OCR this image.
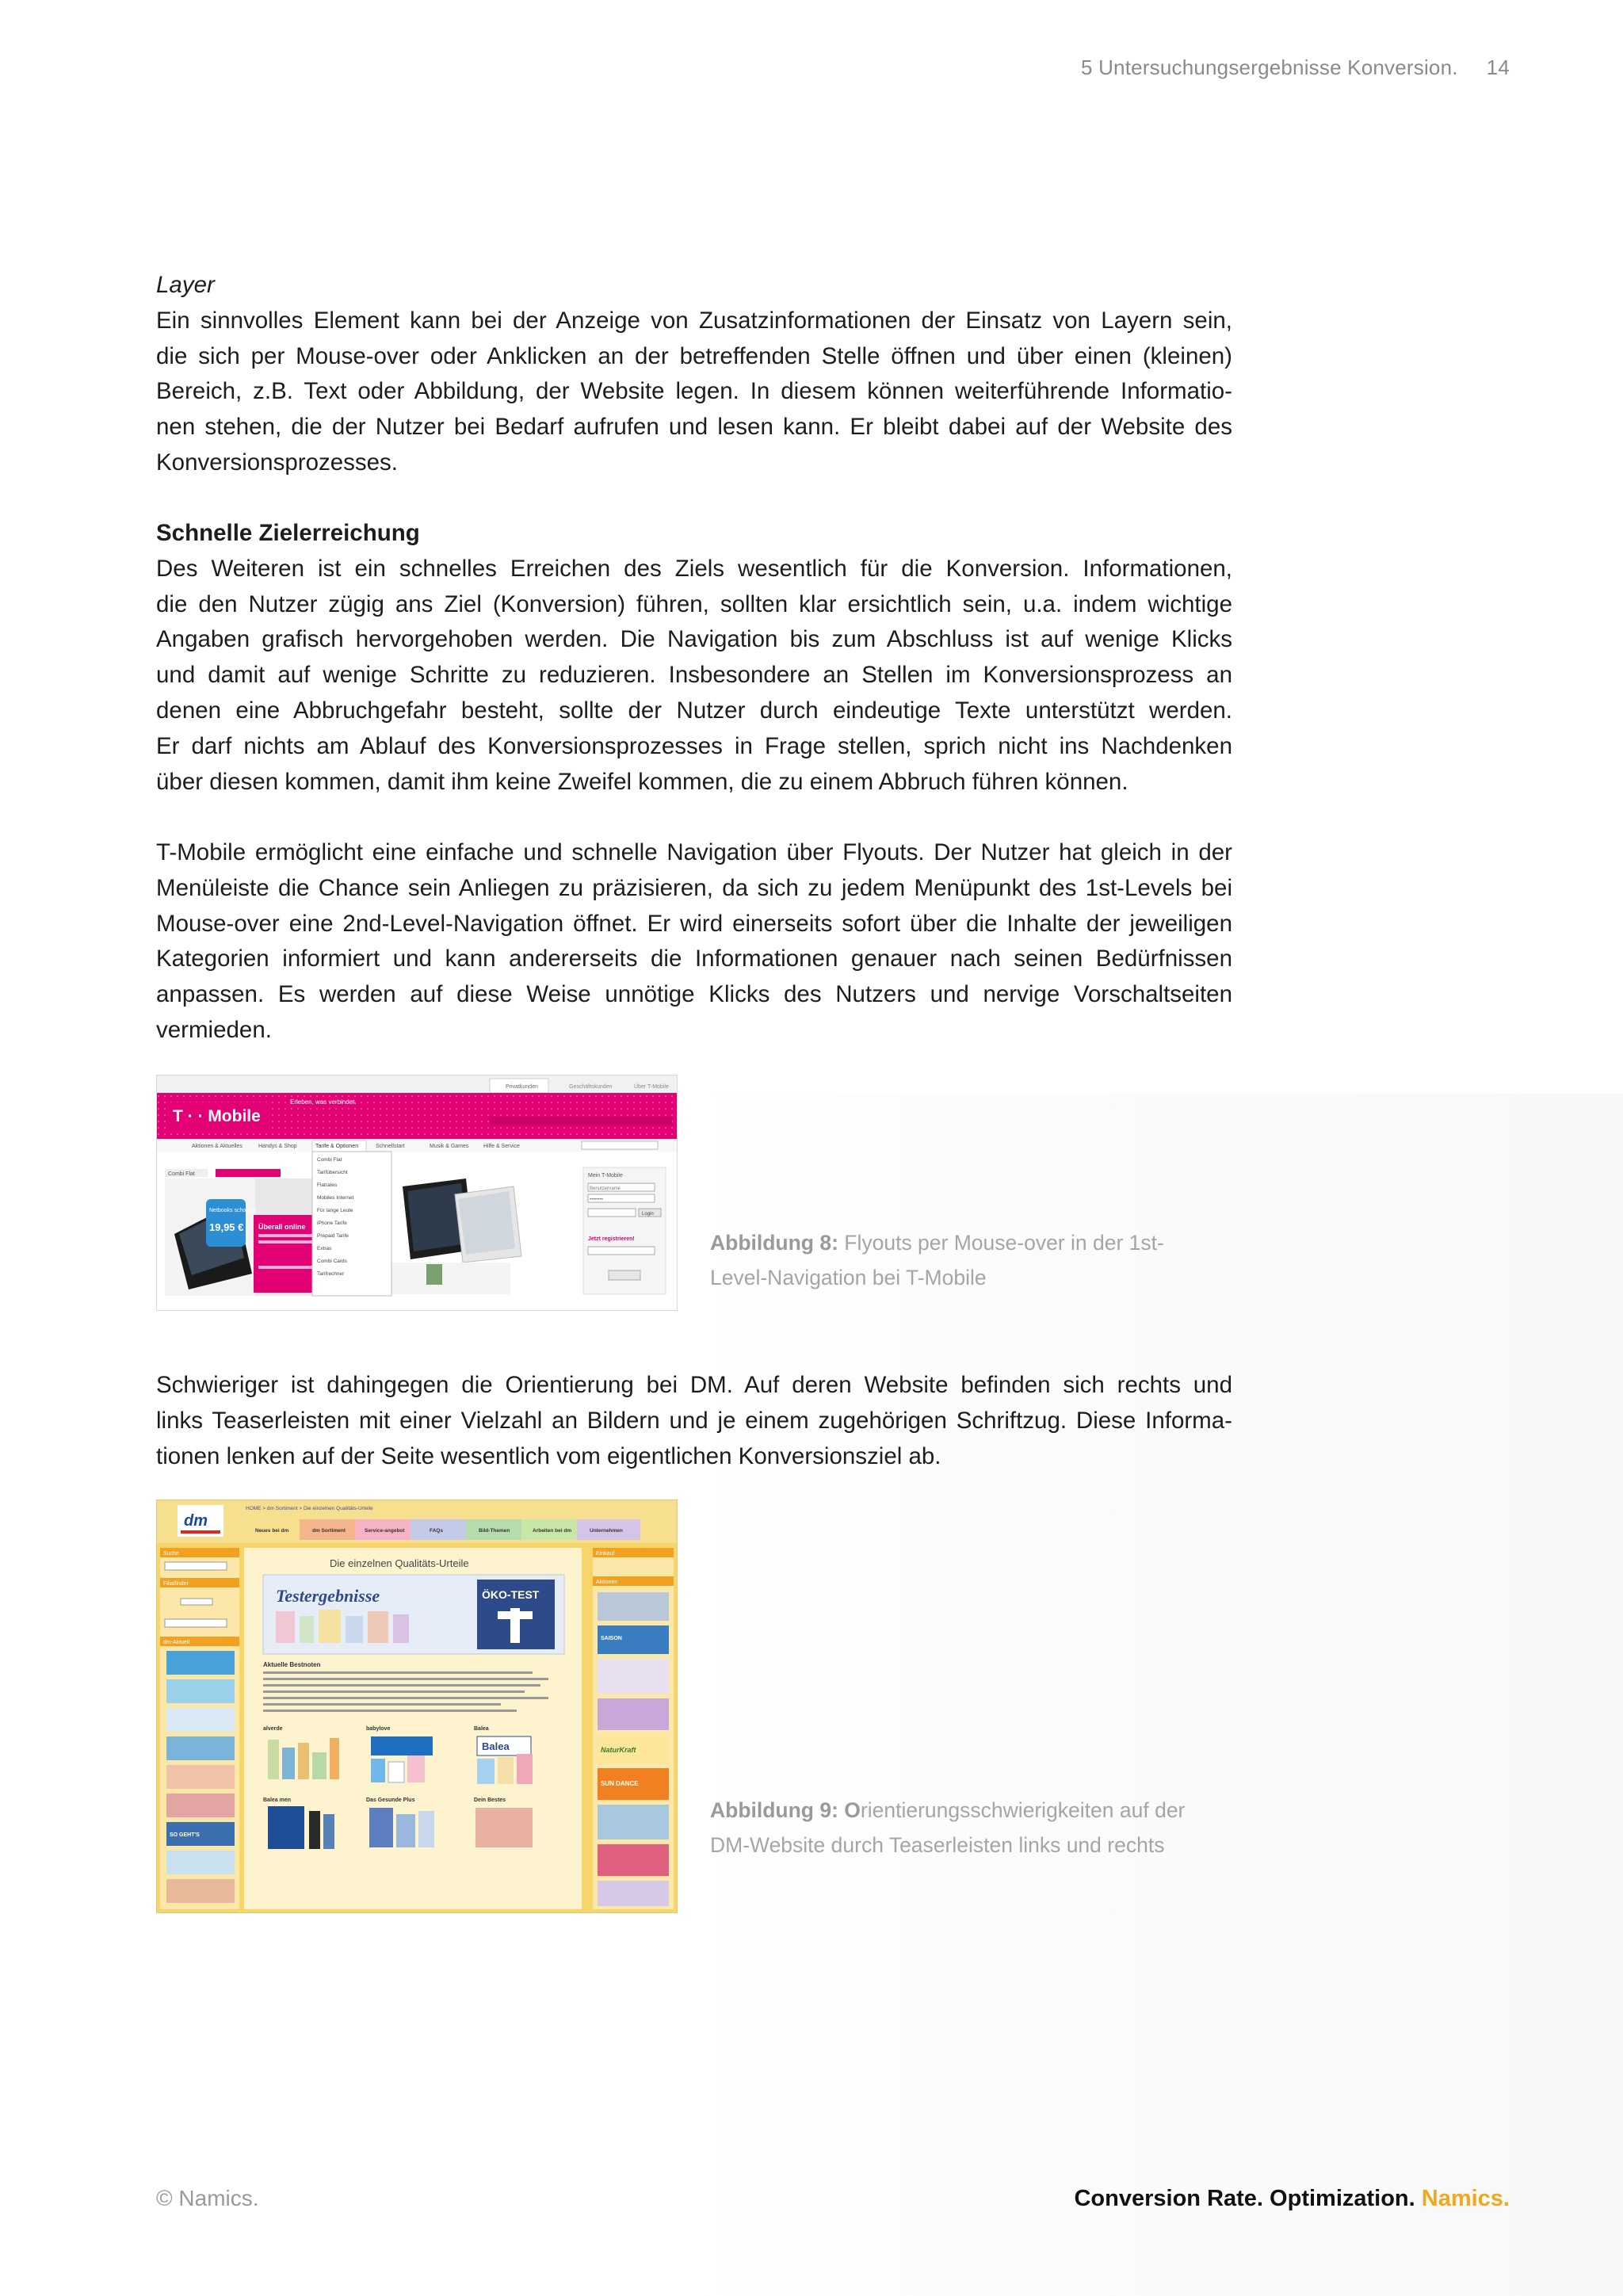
5 Untersuchungsergebnisse Konversion. 14

Layer

Ein sinnvolles Element kann bei der Anzeige von Zusatzinformationen der Einsatz von Layern sein,

die sich per Mouse-over oder Anklicken an der betreffenden Stelle öffnen und über einen (kleinen)

Bereich, z.B. Text oder Abbildung, der Website legen. In diesem können weiterführende Informatio-

nen stehen, die der Nutzer bei Bedarf aufrufen und lesen kann. Er bleibt dabei auf der Website des

Konversionsprozesses.

Schnelle Zielerreichung

Des Weiteren ist ein schnelles Erreichen des Ziels wesentlich für die Konversion. Informationen,

die den Nutzer zügig ans Ziel (Konversion) führen, sollten klar ersichtlich sein, u.a. indem wichtige

Angaben grafisch hervorgehoben werden. Die Navigation bis zum Abschluss ist auf wenige Klicks

und damit auf wenige Schritte zu reduzieren. Insbesondere an Stellen im Konversionsprozess an

denen eine Abbruchgefahr besteht, sollte der Nutzer durch eindeutige Texte unterstützt werden.

Er darf nichts am Ablauf des Konversionsprozesses in Frage stellen, sprich nicht ins Nachdenken

über diesen kommen, damit ihm keine Zweifel kommen, die zu einem Abbruch führen können.

T-Mobile ermöglicht eine einfache und schnelle Navigation über Flyouts. Der Nutzer hat gleich in der

Menüleiste die Chance sein Anliegen zu präzisieren, da sich zu jedem Menüpunkt des 1st-Levels bei

Mouse-over eine 2nd-Level-Navigation öffnet. Er wird einerseits sofort über die Inhalte der jeweiligen

Kategorien informiert und kann andererseits die Informationen genauer nach seinen Bedürfnissen

anpassen. Es werden auf diese Weise unnötige Klicks des Nutzers und nervige Vorschaltseiten

vermieden.

Privatkunden	Geschäftskunden	Über T-Mobile
T · · Mobile
Erleben, was verbindet.
Aktionen & Aktuelles	Handys & Shop	Tarife & Optionen	Schnellstart	Musik & Games	Hilfe & Service
Combi Flat
Netbooks schon ab
19,95 € Überall online
Combi Flat
Tarifübersicht
Flatrates
Mobiles Internet
Für lange Leute
iPhone Tarife
Prepaid Tarife
Extras
Combi Cards
Tarifrechner
Mein T-Mobile
Benutzername
••••••••
Login
Jetzt registrieren!	Abbildung 8: Flyouts per Mouse-over in der 1st-Level-Navigation bei T-Mobile

Schwieriger ist dahingegen die Orientierung bei DM. Auf deren Website befinden sich rechts und

links Teaserleisten mit einer Vielzahl an Bildern und je einem zugehörigen Schriftzug. Diese Informa-

tionen lenken auf der Seite wesentlich vom eigentlichen Konversionsziel ab.

dm
HOME > dm Sortiment > Die einzelnen Qualitäts-Urteile
Neues bei dm	dm Sortiment	Service-angebot	FAQs	Bild-Themen	Arbeiten bei dm	Unternehmen
Suche
Filialfinder
dm-Aktuell
SO GEHT'S
Die einzelnen Qualitäts-Urteile
Testergebnisse	ÖKO-TEST
Aktuelle Bestnoten
alverde	babylove	Balea
Balea
Balea men	Das Gesunde Plus	Dein Bestes
Einkauf
Aktionen
SAISON
NaturKraft
SUN DANCE
Abbildung 9: Orientierungsschwierigkeiten auf der DM-Website durch Teaserleisten links und rechts
© Namics.	Conversion Rate. Optimization. Namics.
